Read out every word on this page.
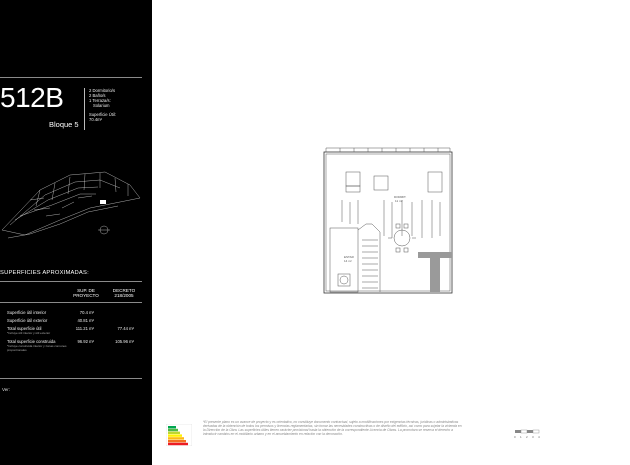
512B
Bloque 5
2 Dormitorio/s
2 Baño/s
1 Terraza/s:
Solarium
Superficie Útil:
70.4m²
SUPERFICIES APROXIMADAS:
SUP. DE
PROYECTO
DECRETO
218/2005
Superficie útil interior	70.4 m²
Superficie útil exterior	40.81 m²
Total superficie útil
*Incluye útil interior y útil exterior
111.21 m²	77.44 m²
Total superficie construida
*Incluye construida interior y zonas comunes proporcionales
96.92 m²	105.96 m²
Ver:
DORMIT.
11 m²
ESTAR
14 m²
*El presente plano es un avance de proyecto y es orientativo, no constituye documento contractual, sujeto a modificaciones por exigencias técnicas, jurídicas o administrativas derivadas de la obtención de todos los permisos y licencias reglamentarias, sin tomar las necesidades constructivas o de diseño del edificio, así como para sujetar la vivienda en la Dirección de la Obra. Las superficies útiles tienen carácter provisional hasta la obtención de la correspondiente Licencia de Obras. La promotora se reserva el derecho a introducir cambios en el mobiliario urbano y en el amueblamiento en relación con la decoración.
0 1 2 3 4
